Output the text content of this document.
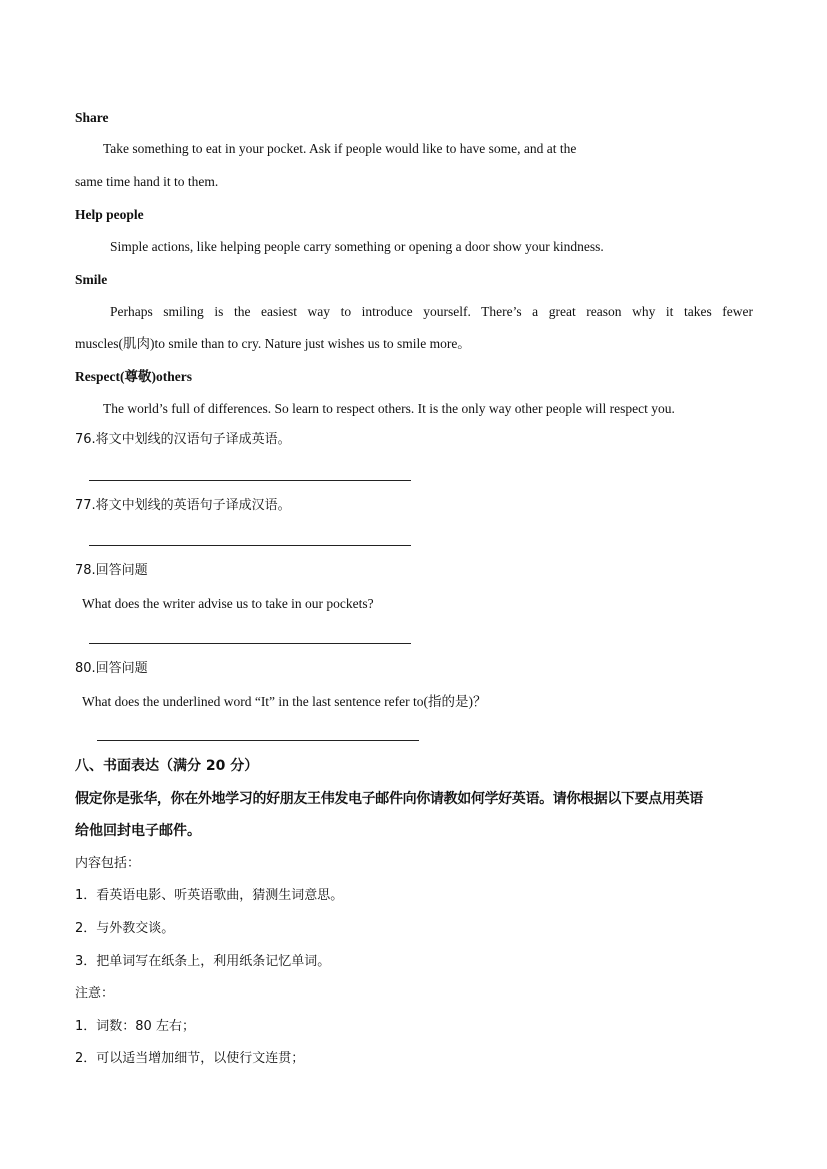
Share
Take something to eat in your pocket. Ask if people would like to have some, and at the
same time hand it to them.
Help people
Simple actions, like helping people carry something or opening a door show your kindness.
Smile
Perhaps smiling is the easiest way to introduce yourself. There’s a great reason why it takes fewer
muscles(肌肉)to smile than to cry. Nature just wishes us to smile more。
Respect(尊敬)others
The world’s full of differences. So learn to respect others. It is the only way other people will respect you.
76.将文中划线的汉语句子译成英语。
77.将文中划线的英语句子译成汉语。
78.回答问题
What does the writer advise us to take in our pockets?
80.回答问题
What does the underlined word “It” in the last sentence refer to(指的是)？
八、书面表达（满分 20 分）
假定你是张华，你在外地学习的好朋友王伟发电子邮件向你请教如何学好英语。请你根据以下要点用英语
给他回封电子邮件。
内容包括：
1．看英语电影、听英语歌曲，猜测生词意思。
2．与外教交谈。
3．把单词写在纸条上，利用纸条记忆单词。
注意：
1．词数：80 左右；
2．可以适当增加细节，以使行文连贯；
